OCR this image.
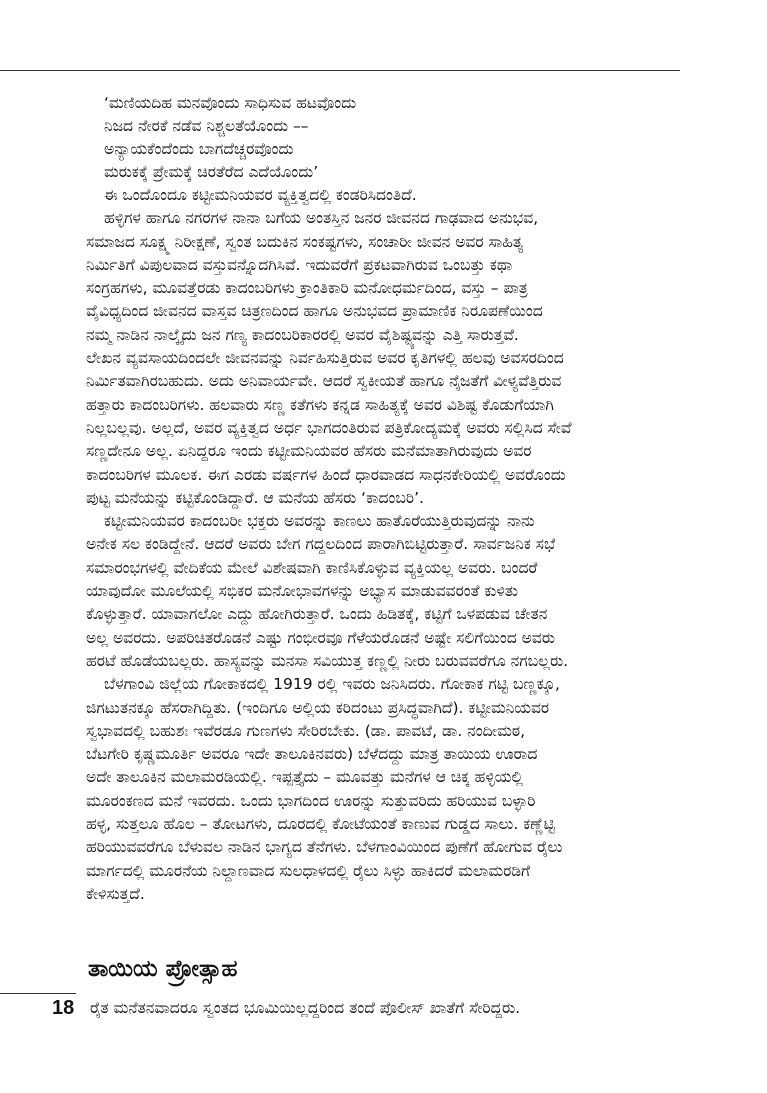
‘ಮಣಿಯದಿಹ ಮನವೊಂದು ಸಾಧಿಸುವ ಹಟವೊಂದು
ನಿಜದ ನೇರಕೆ ನಡೆವ ನಿಶ್ಚಲತೆಯೊಂದು ––
ಅನ್ಯಾಯಕೆಂದೆಂದು ಬಾಗದೆಚ್ಚರವೊಂದು
ಮರುಕಕ್ಕೆ ಪ್ರೇಮಕ್ಕೆ ಚಿರತೆರೆದ ಎದೆಯೊಂದು’

ಈ ಒಂದೊಂದೂ ಕಟ್ಟೀಮನಿಯವರ ವ್ಯಕ್ತಿತ್ವದಲ್ಲಿ ಕಂಡರಿಸಿದಂತಿದೆ.

ಹಳ್ಳಿಗಳ ಹಾಗೂ ನಗರಗಳ ನಾನಾ ಬಗೆಯ ಅಂತಸ್ತಿನ ಜನರ ಜೀವನದ ಗಾಢವಾದ ಅನುಭವ,
ಸಮಾಜದ ಸೂಕ್ಷ್ಮ ನಿರೀಕ್ಷಣೆ, ಸ್ವಂತ ಬದುಕಿನ ಸಂಕಷ್ಟಗಳು, ಸಂಚಾರೀ ಜೀವನ ಅವರ ಸಾಹಿತ್ಯ
ನಿರ್ಮಿತಿಗೆ ವಿಪುಲವಾದ ವಸ್ತುವನ್ನೊದಗಿಸಿವೆ. ಇದುವರೆಗೆ ಪ್ರಕಟವಾಗಿರುವ ಒಂಬತ್ತು ಕಥಾ
ಸಂಗ್ರಹಗಳು, ಮೂವತ್ತೆರಡು ಕಾದಂಬರಿಗಳು ಕ್ರಾಂತಿಕಾರಿ ಮನೋಧರ್ಮದಿಂದ, ವಸ್ತು – ಪಾತ್ರ
ವೈವಿಧ್ಯದಿಂದ ಜೀವನದ ವಾಸ್ತವ ಚಿತ್ರಣದಿಂದ ಹಾಗೂ ಅನುಭವದ ಪ್ರಾಮಾಣಿಕ ನಿರೂಪಣೆಯಿಂದ
ನಮ್ಮ ನಾಡಿನ ನಾಲ್ಕೈದು ಜನ ಗಣ್ಯ ಕಾದಂಬರಿಕಾರರಲ್ಲಿ ಅವರ ವೈಶಿಷ್ಟ್ಯವನ್ನು ಎತ್ತಿ ಸಾರುತ್ತವೆ.
ಲೇಖನ ವ್ಯವಸಾಯದಿಂದಲೇ ಜೀವನವನ್ನು ನಿರ್ವಹಿಸುತ್ತಿರುವ ಅವರ ಕೃತಿಗಳಲ್ಲಿ ಹಲವು ಅವಸರದಿಂದ
ನಿರ್ಮಿತವಾಗಿರಬಹುದು. ಅದು ಅನಿವಾರ್ಯವೇ. ಆದರೆ ಸ್ವಕೀಯತೆ ಹಾಗೂ ನೈಜತೆಗೆ ವೀಳ್ಯವೆತ್ತಿರುವ
ಹತ್ತಾರು ಕಾದಂಬರಿಗಳು. ಹಲವಾರು ಸಣ್ಣ ಕತೆಗಳು ಕನ್ನಡ ಸಾಹಿತ್ಯಕ್ಕೆ ಅವರ ವಿಶಿಷ್ಟ ಕೊಡುಗೆಯಾಗಿ
ನಿಲ್ಲಬಲ್ಲವು. ಅಲ್ಲದೆ, ಅವರ ವ್ಯಕ್ತಿತ್ವದ ಅರ್ಧ ಭಾಗದಂತಿರುವ ಪತ್ರಿಕೋದ್ಯಮಕ್ಕೆ ಅವರು ಸಲ್ಲಿಸಿದ ಸೇವೆ
ಸಣ್ಣದೇನೂ ಅಲ್ಲ. ಏನಿದ್ದರೂ ಇಂದು ಕಟ್ಟೀಮನಿಯವರ ಹೆಸರು ಮನೆಮಾತಾಗಿರುವುದು ಅವರ
ಕಾದಂಬರಿಗಳ ಮೂಲಕ. ಈಗ ಎರಡು ವರ್ಷಗಳ ಹಿಂದೆ ಧಾರವಾಡದ ಸಾಧನಕೇರಿಯಲ್ಲಿ ಅವರೊಂದು
ಪುಟ್ಟ ಮನೆಯನ್ನು ಕಟ್ಟಿಕೊಂಡಿದ್ದಾರೆ. ಆ ಮನೆಯ ಹೆಸರು ‘ಕಾದಂಬರಿ’.

ಕಟ್ಟೀಮನಿಯವರ ಕಾದಂಬರೀ ಭಕ್ತರು ಅವರನ್ನು ಕಾಣಲು ಹಾತೊರೆಯುತ್ತಿರುವುದನ್ನು ನಾನು
ಅನೇಕ ಸಲ ಕಂಡಿದ್ದೇನೆ. ಆದರೆ ಅವರು ಬೇಗ ಗದ್ದಲದಿಂದ ಪಾರಾಗಿಬಿಟ್ಟಿರುತ್ತಾರೆ. ಸಾರ್ವಜನಿಕ ಸಭೆ
ಸಮಾರಂಭಗಳಲ್ಲಿ ವೇದಿಕೆಯ ಮೇಲೆ ವಿಶೇಷವಾಗಿ ಕಾಣಿಸಿಕೊಳ್ಳುವ ವ್ಯಕ್ತಿಯಲ್ಲ ಅವರು. ಬಂದರೆ
ಯಾವುದೋ ಮೂಲೆಯಲ್ಲಿ ಸಭಿಕರ ಮನೋಭಾವಗಳನ್ನು ಅಭ್ಯಾಸ ಮಾಡುವವರಂತೆ ಕುಳಿತು
ಕೊಳ್ಳುತ್ತಾರೆ. ಯಾವಾಗಲೋ ಎದ್ದು ಹೋಗಿರುತ್ತಾರೆ. ಒಂದು ಹಿಡಿತಕ್ಕೆ, ಕಟ್ಟಿಗೆ ಒಳಪಡುವ ಚೇತನ
ಅಲ್ಲ ಅವರದು. ಅಪರಿಚಿತರೊಡನೆ ಎಷ್ಟು ಗಂಭೀರವೂ ಗೆಳೆಯರೊಡನೆ ಅಷ್ಟೇ ಸಲಿಗೆಯಿಂದ ಅವರು
ಹರಟೆ ಹೊಡೆಯಬಲ್ಲರು. ಹಾಸ್ಯವನ್ನು ಮನಸಾ ಸವಿಯುತ್ತ ಕಣ್ಣಲ್ಲಿ ನೀರು ಬರುವವರೆಗೂ ನಗಬಲ್ಲರು.

ಬೆಳಗಾಂವಿ ಜಿಲ್ಲೆಯ ಗೋಕಾಕದಲ್ಲಿ 1919 ರಲ್ಲಿ ಇವರು ಜನಿಸಿದರು. ಗೋಕಾಕ ಗಟ್ಟಿ ಬಣ್ಣಕ್ಕೂ,
ಜಿಗಟುತನಕ್ಕೂ ಹೆಸರಾಗಿದ್ದಿತು. (ಇಂದಿಗೂ ಅಲ್ಲಿಯ ಕರಿದಂಟು ಪ್ರಸಿದ್ಧವಾಗಿದೆ). ಕಟ್ಟೀಮನಿಯವರ
ಸ್ವಭಾವದಲ್ಲಿ ಬಹುಶಃ ಇವೆರಡೂ ಗುಣಗಳು ಸೇರಿರಬೇಕು. (ಡಾ. ಪಾವಟೆ, ಡಾ. ನಂದೀಮಠ,
ಬೆಟಗೇರಿ ಕೃಷ್ಣಮೂರ್ತಿ ಅವರೂ ಇದೇ ತಾಲೂಕಿನವರು) ಬೆಳೆದದ್ದು ಮಾತ್ರ ತಾಯಿಯ ಊರಾದ
ಅದೇ ತಾಲೂಕಿನ ಮಲಾಮರಡಿಯಲ್ಲಿ. ಇಪ್ಪತ್ತೈದು – ಮೂವತ್ತು ಮನೆಗಳ ಆ ಚಿಕ್ಕ ಹಳ್ಳಿಯಲ್ಲಿ
ಮೂರಂಕಣದ ಮನೆ ಇವರದು. ಒಂದು ಭಾಗದಿಂದ ಊರನ್ನು ಸುತ್ತುವರಿದು ಹರಿಯುವ ಬಳ್ಳಾರಿ
ಹಳ್ಳ, ಸುತ್ತಲೂ ಹೊಲ – ತೋಟಗಳು, ದೂರದಲ್ಲಿ ಕೋಟೆಯಂತೆ ಕಾಣುವ ಗುಡ್ಡದ ಸಾಲು. ಕಣ್ಣೆಟ್ಟಿ
ಹರಿಯುವವರೆಗೂ ಬೆಳುವಲ ನಾಡಿನ ಭಾಗ್ಯದ ತೆನೆಗಳು. ಬೆಳಗಾಂವಿಯಿಂದ ಪುಣೆಗೆ ಹೋಗುವ ರೈಲು
ಮಾರ್ಗದಲ್ಲಿ ಮೂರನೆಯ ನಿಲ್ದಾಣವಾದ ಸುಲಧಾಳದಲ್ಲಿ ರೈಲು ಸಿಳ್ಳು ಹಾಕಿದರೆ ಮಲಾಮರಡಿಗೆ
ಕೇಳಿಸುತ್ತದೆ.

ತಾಯಿಯ ಪ್ರೋತ್ಸಾಹ
18 ರೈತ ಮನೆತನವಾದರೂ ಸ್ವಂತದ ಭೂಮಿಯಿಲ್ಲದ್ದರಿಂದ ತಂದೆ ಪೊಲೀಸ್ ಖಾತೆಗೆ ಸೇರಿದ್ದರು.
